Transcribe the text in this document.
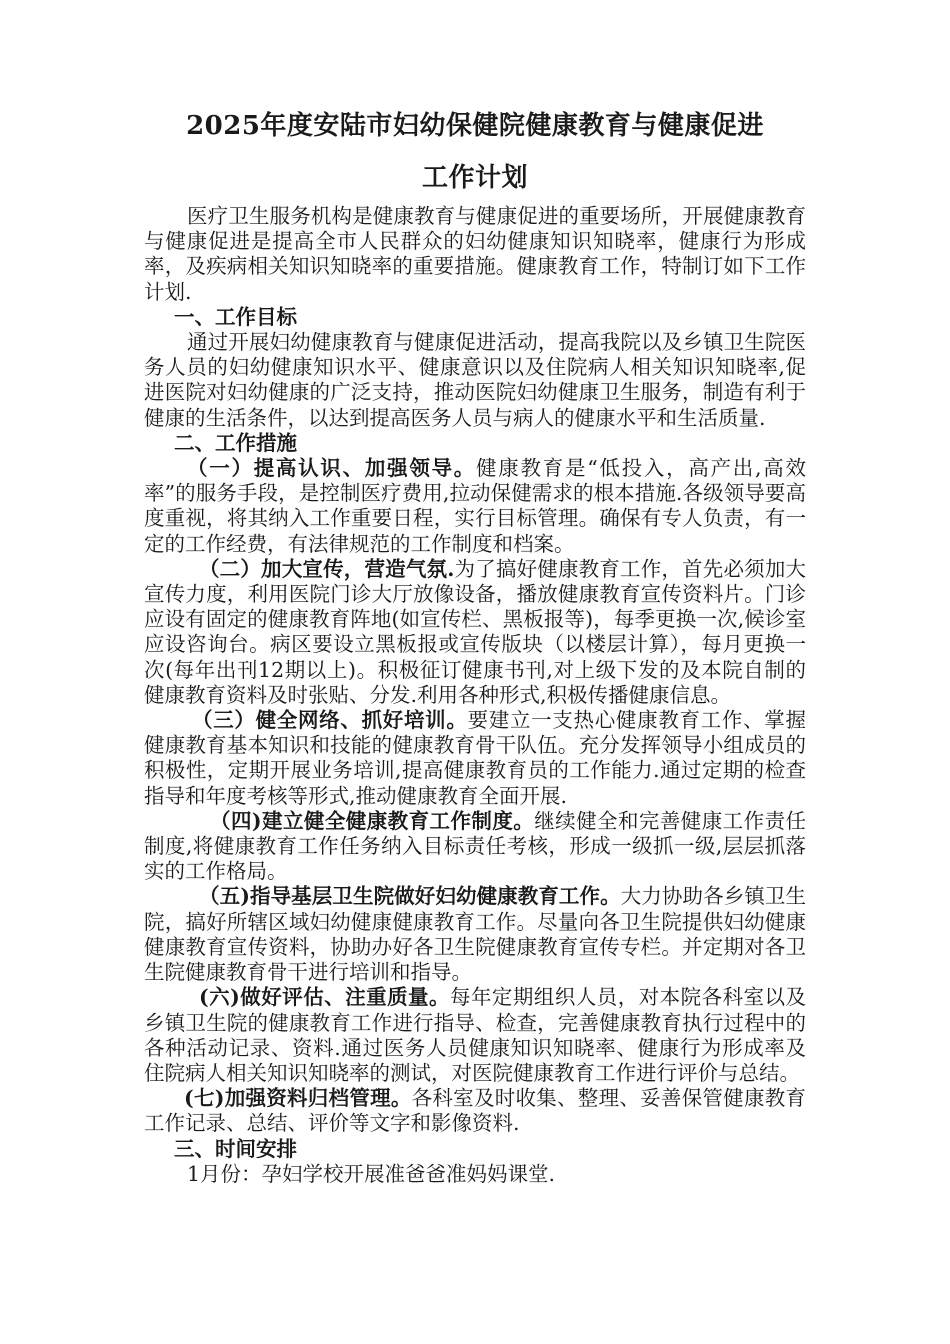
2025年度安陆市妇幼保健院健康教育与健康促进
工作计划

医疗卫生服务机构是健康教育与健康促进的重要场所，开展健康教育与健康促进是提高全市人民群众的妇幼健康知识知晓率，健康行为形成率，及疾病相关知识知晓率的重要措施。健康教育工作，特制订如下工作计划.

一、工作目标

通过开展妇幼健康教育与健康促进活动，提高我院以及乡镇卫生院医务人员的妇幼健康知识水平、健康意识以及住院病人相关知识知晓率,促进医院对妇幼健康的广泛支持，推动医院妇幼健康卫生服务，制造有利于健康的生活条件，以达到提高医务人员与病人的健康水平和生活质量.

二、工作措施

（一）提高认识、加强领导。健康教育是“低投入，高产出,高效率”的服务手段，是控制医疗费用,拉动保健需求的根本措施.各级领导要高度重视，将其纳入工作重要日程，实行目标管理。确保有专人负责，有一定的工作经费，有法律规范的工作制度和档案。

（二）加大宣传，营造气氛.为了搞好健康教育工作，首先必须加大宣传力度，利用医院门诊大厅放像设备，播放健康教育宣传资料片。门诊应设有固定的健康教育阵地(如宣传栏、黑板报等)，每季更换一次,候诊室应设咨询台。病区要设立黑板报或宣传版块（以楼层计算），每月更换一次(每年出刊12期以上)。积极征订健康书刊,对上级下发的及本院自制的健康教育资料及时张贴、分发.利用各种形式,积极传播健康信息。

（三）健全网络、抓好培训。要建立一支热心健康教育工作、掌握健康教育基本知识和技能的健康教育骨干队伍。充分发挥领导小组成员的积极性，定期开展业务培训,提高健康教育员的工作能力.通过定期的检查指导和年度考核等形式,推动健康教育全面开展.

（四)建立健全健康教育工作制度。继续健全和完善健康工作责任制度,将健康教育工作任务纳入目标责任考核，形成一级抓一级,层层抓落实的工作格局。

（五)指导基层卫生院做好妇幼健康教育工作。大力协助各乡镇卫生院，搞好所辖区域妇幼健康健康教育工作。尽量向各卫生院提供妇幼健康健康教育宣传资料，协助办好各卫生院健康教育宣传专栏。并定期对各卫生院健康教育骨干进行培训和指导。

(六)做好评估、注重质量。每年定期组织人员，对本院各科室以及乡镇卫生院的健康教育工作进行指导、检查，完善健康教育执行过程中的各种活动记录、资料.通过医务人员健康知识知晓率、健康行为形成率及住院病人相关知识知晓率的测试，对医院健康教育工作进行评价与总结。

(七)加强资料归档管理。各科室及时收集、整理、妥善保管健康教育工作记录、总结、评价等文字和影像资料.

三、时间安排

1月份：孕妇学校开展准爸爸准妈妈课堂.
